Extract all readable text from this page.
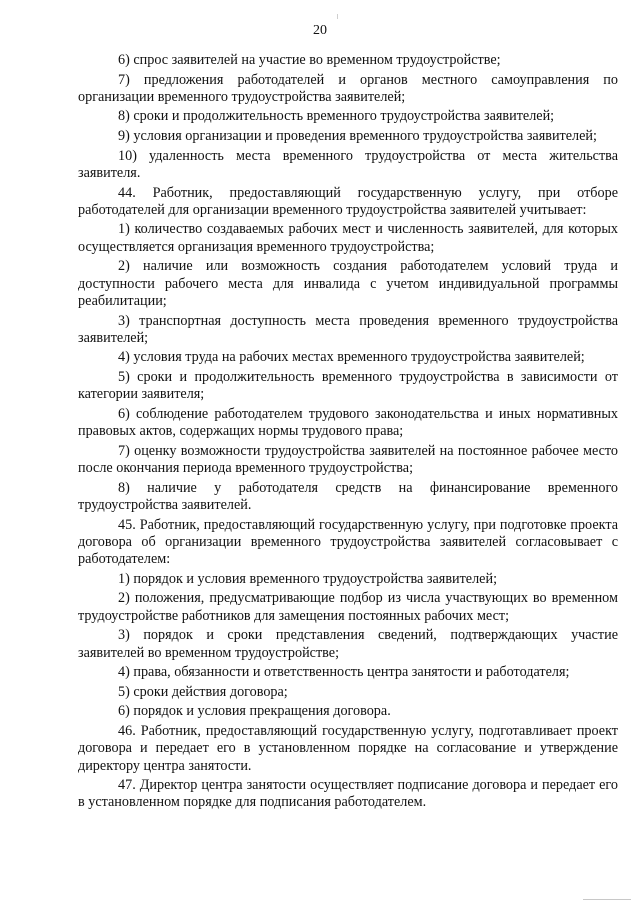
20

6) спрос заявителей на участие во временном трудоустройстве;

7) предложения работодателей и органов местного самоуправления по организации временного трудоустройства заявителей;

8) сроки и продолжительность временного трудоустройства заявителей;

9) условия организации и проведения временного трудоустройства заявителей;

10) удаленность места временного трудоустройства от места жительства заявителя.

44. Работник, предоставляющий государственную услугу, при отборе работодателей для организации временного трудоустройства заявителей учитывает:

1) количество создаваемых рабочих мест и численность заявителей, для которых осуществляется организация временного трудоустройства;

2) наличие или возможность создания работодателем условий труда и доступности рабочего места для инвалида с учетом индивидуальной программы реабилитации;

3) транспортная доступность места проведения временного трудоустройства заявителей;

4) условия труда на рабочих местах временного трудоустройства заявителей;

5) сроки и продолжительность временного трудоустройства в зависимости от категории заявителя;

6) соблюдение работодателем трудового законодательства и иных нормативных правовых актов, содержащих нормы трудового права;

7) оценку возможности трудоустройства заявителей на постоянное рабочее место после окончания периода временного трудоустройства;

8) наличие у работодателя средств на финансирование временного трудоустройства заявителей.

45. Работник, предоставляющий государственную услугу, при подготовке проекта договора об организации временного трудоустройства заявителей согласовывает с работодателем:

1) порядок и условия временного трудоустройства заявителей;

2) положения, предусматривающие подбор из числа участвующих во временном трудоустройстве работников для замещения постоянных рабочих мест;

3) порядок и сроки представления сведений, подтверждающих участие заявителей во временном трудоустройстве;

4) права, обязанности и ответственность центра занятости и работодателя;

5) сроки действия договора;

6) порядок и условия прекращения договора.

46. Работник, предоставляющий государственную услугу, подготавливает проект договора и передает его в установленном порядке на согласование и утверждение директору центра занятости.

47. Директор центра занятости осуществляет подписание договора и передает его в установленном порядке для подписания работодателем.
